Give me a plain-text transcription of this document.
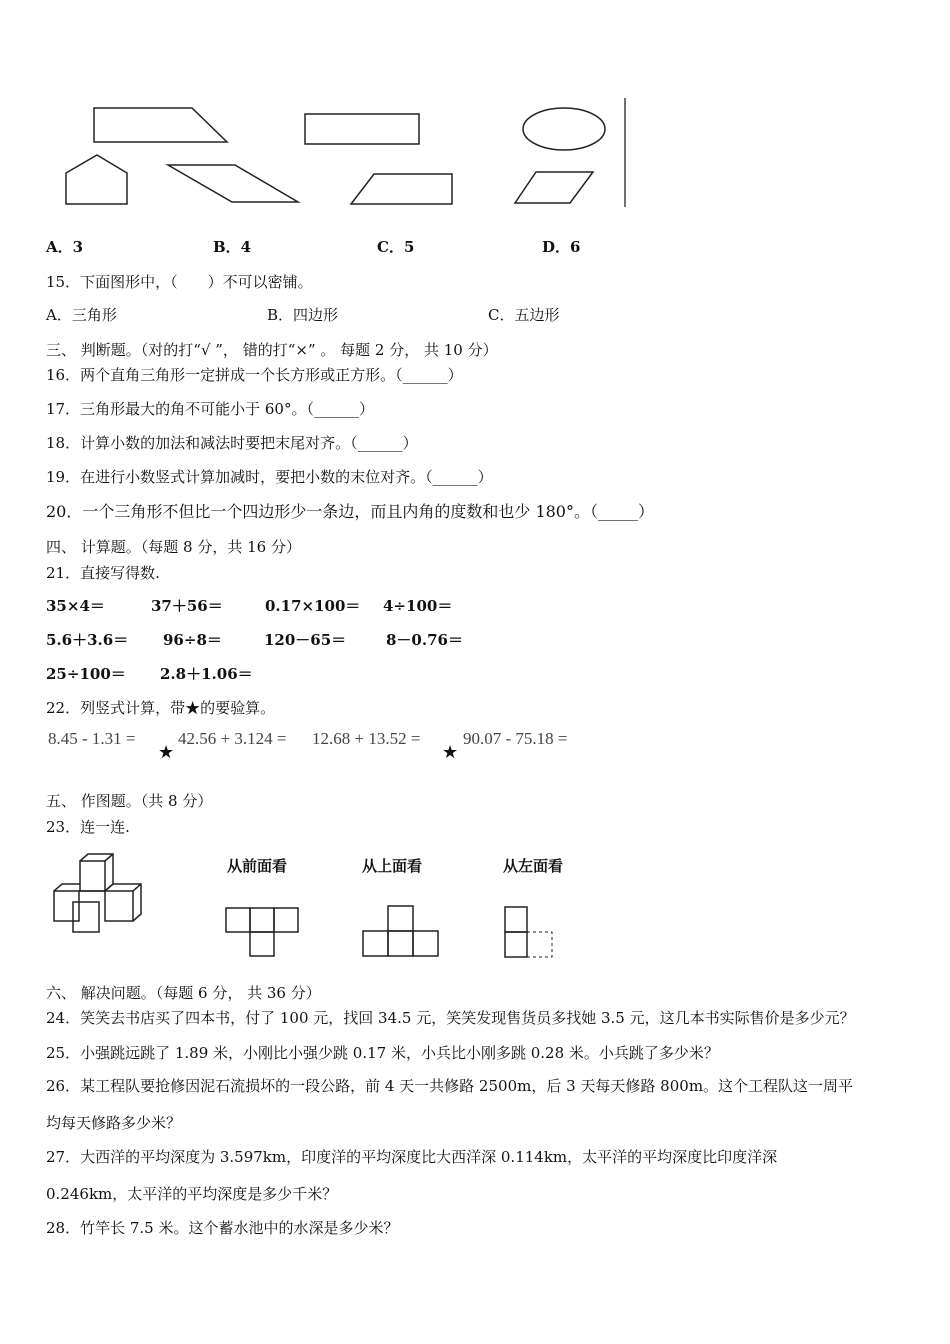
A．3	B．4	C．5	D．6
15．下面图形中，（　　）不可以密铺。
A．三角形	B．四边形	C．五边形
三、 判断题。（对的打“√ ”， 错的打“×” 。 每题 2 分， 共 10 分）
16．两个直角三角形一定拼成一个长方形或正方形。（______）
17．三角形最大的角不可能小于 60°。（______）
18．计算小数的加法和减法时要把末尾对齐。（______）
19．在进行小数竖式计算加减时，要把小数的末位对齐。（______）
20．一个三角形不但比一个四边形少一条边，而且内角的度数和也少 180°。（_____）
四、 计算题。（每题 8 分，共 16 分）
21．直接写得数.
35×4＝	37＋56＝	0.17×100＝ 4÷100＝
5.6＋3.6＝ 96÷8＝	120－65＝	8－0.76＝
25÷100＝ 2.8＋1.06＝
22．列竖式计算，带★的要验算。
8.45 - 1.31 =
★
42.56 + 3.124 = 12.68 + 13.52 =
★
90.07 - 75.18 =
五、 作图题。（共 8 分）
23．连一连.
从前面看	从上面看	从左面看
六、 解决问题。（每题 6 分， 共 36 分）
24．笑笑去书店买了四本书，付了 100 元，找回 34.5 元，笑笑发现售货员多找她 3.5 元，这几本书实际售价是多少元？
25．小强跳远跳了 1.89 米，小刚比小强少跳 0.17 米，小兵比小刚多跳 0.28 米。小兵跳了多少米？
26．某工程队要抢修因泥石流损坏的一段公路，前 4 天一共修路 2500m，后 3 天每天修路 800m。这个工程队这一周平
均每天修路多少米？
27．大西洋的平均深度为 3.597km，印度洋的平均深度比大西洋深 0.114km，太平洋的平均深度比印度洋深
0.246km，太平洋的平均深度是多少千米？
28．竹竿长 7.5 米。这个蓄水池中的水深是多少米？
